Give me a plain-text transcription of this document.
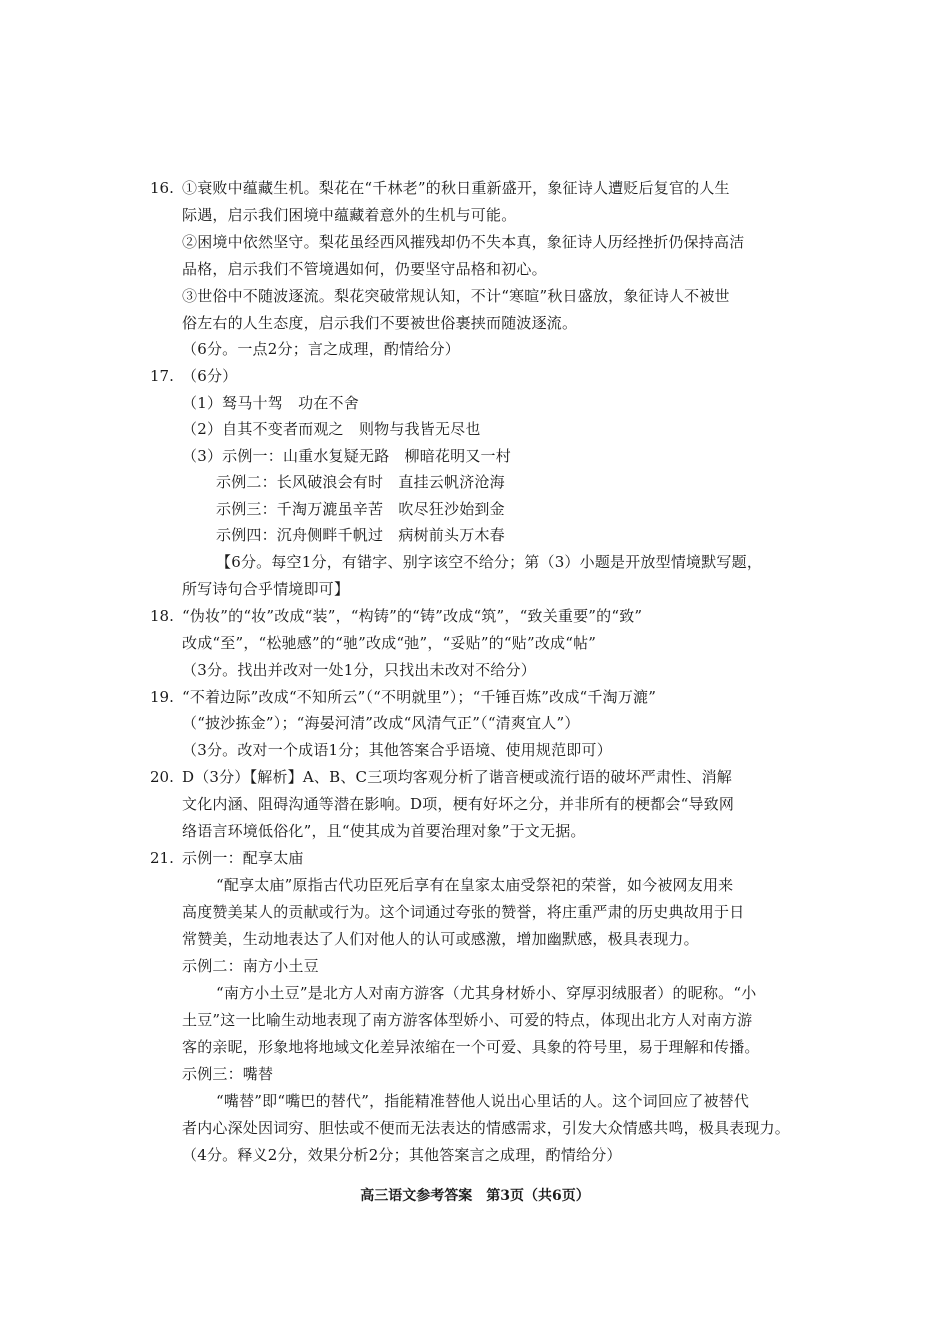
16. ①衰败中蕴藏生机。梨花在“千林老”的秋日重新盛开，象征诗人遭贬后复官的人生
际遇，启示我们困境中蕴藏着意外的生机与可能。
②困境中依然坚守。梨花虽经西风摧残却仍不失本真，象征诗人历经挫折仍保持高洁
品格，启示我们不管境遇如何，仍要坚守品格和初心。
③世俗中不随波逐流。梨花突破常规认知，不计“寒暄”秋日盛放，象征诗人不被世
俗左右的人生态度，启示我们不要被世俗裹挟而随波逐流。
（6分。一点2分；言之成理，酌情给分）
17. （6分）
（1）驽马十驾　功在不舍
（2）自其不变者而观之　则物与我皆无尽也
（3）示例一：山重水复疑无路　柳暗花明又一村
示例二：长风破浪会有时　直挂云帆济沧海
示例三：千淘万漉虽辛苦　吹尽狂沙始到金
示例四：沉舟侧畔千帆过　病树前头万木春
【6分。每空1分，有错字、别字该空不给分；第（3）小题是开放型情境默写题，
所写诗句合乎情境即可】
18. “伪妆”的“妆”改成“装”，“构铸”的“铸”改成“筑”，“致关重要”的“致”
改成“至”，“松驰感”的“驰”改成“弛”，“妥贴”的“贴”改成“帖”
（3分。找出并改对一处1分，只找出未改对不给分）
19. “不着边际”改成“不知所云”（“不明就里”）；“千锤百炼”改成“千淘万漉”
（“披沙拣金”）；“海晏河清”改成“风清气正”（“清爽宜人”）
（3分。改对一个成语1分；其他答案合乎语境、使用规范即可）
20. D（3分）【解析】A、B、C三项均客观分析了谐音梗或流行语的破坏严肃性、消解
文化内涵、阻碍沟通等潜在影响。D项，梗有好坏之分，并非所有的梗都会“导致网
络语言环境低俗化”，且“使其成为首要治理对象”于文无据。
21. 示例一：配享太庙
“配享太庙”原指古代功臣死后享有在皇家太庙受祭祀的荣誉，如今被网友用来
高度赞美某人的贡献或行为。这个词通过夸张的赞誉，将庄重严肃的历史典故用于日
常赞美，生动地表达了人们对他人的认可或感激，增加幽默感，极具表现力。
示例二：南方小土豆
“南方小土豆”是北方人对南方游客（尤其身材娇小、穿厚羽绒服者）的昵称。“小
土豆”这一比喻生动地表现了南方游客体型娇小、可爱的特点，体现出北方人对南方游
客的亲昵，形象地将地域文化差异浓缩在一个可爱、具象的符号里，易于理解和传播。
示例三：嘴替
“嘴替”即“嘴巴的替代”，指能精准替他人说出心里话的人。这个词回应了被替代
者内心深处因词穷、胆怯或不便而无法表达的情感需求，引发大众情感共鸣，极具表现力。
（4分。释义2分，效果分析2分；其他答案言之成理，酌情给分）
高三语文参考答案　第3页（共6页）
